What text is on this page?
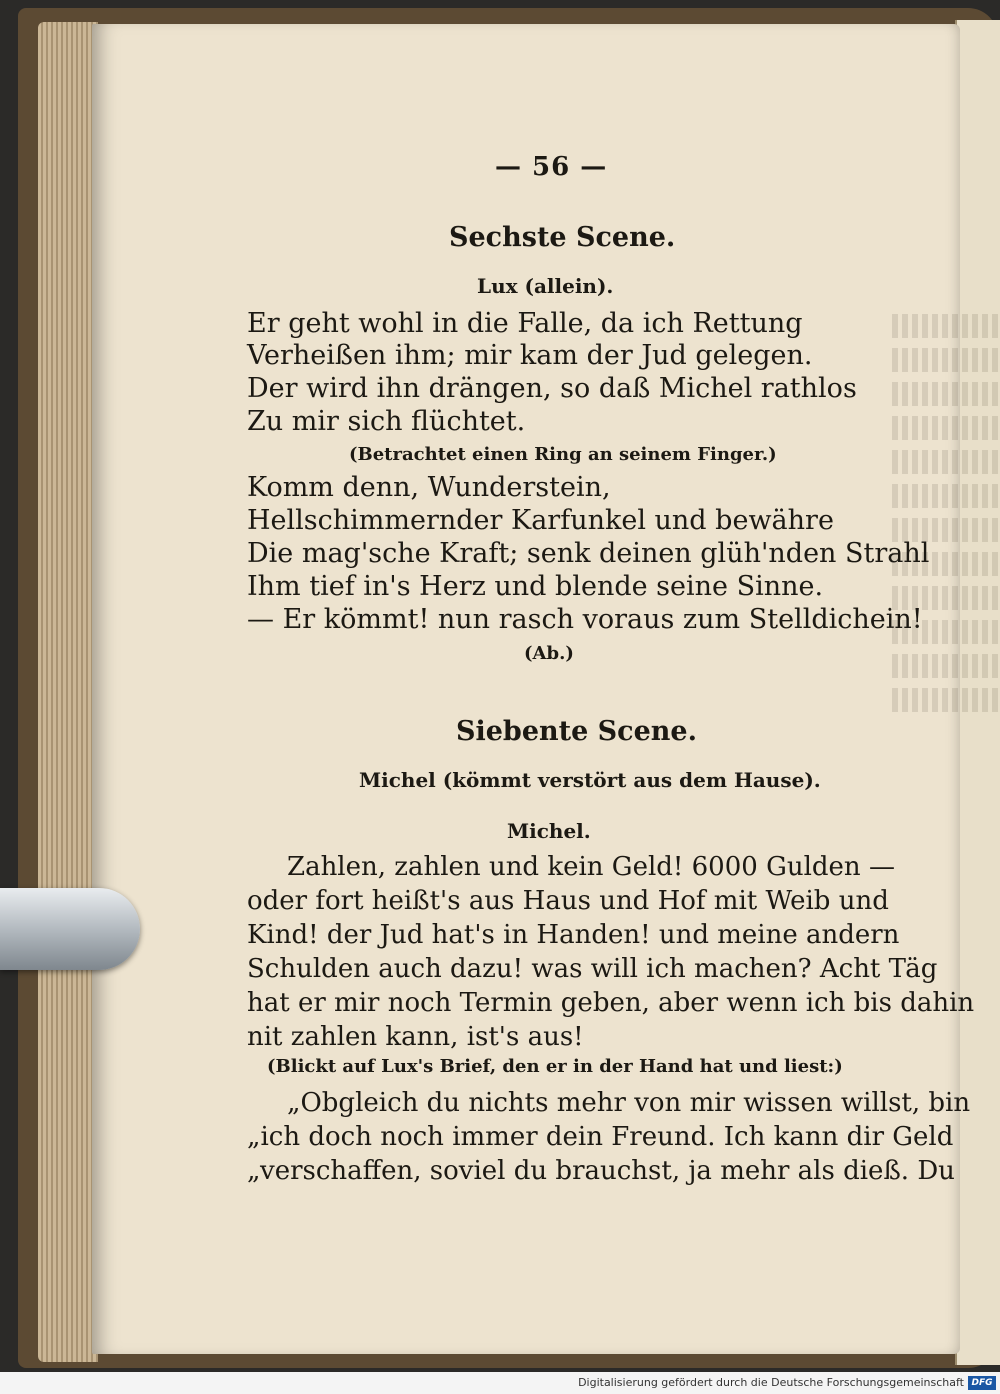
— 56 —
Sechste Scene.
Lux (allein).
Er geht wohl in die Falle, da ich Rettung
Verheißen ihm; mir kam der Jud gelegen.
Der wird ihn drängen, so daß Michel rathlos
Zu mir sich flüchtet.
(Betrachtet einen Ring an seinem Finger.)
Komm denn, Wunderstein,
Hellschimmernder Karfunkel und bewähre
Die mag'sche Kraft; senk deinen glüh'nden Strahl
Ihm tief in's Herz und blende seine Sinne.
— Er kömmt! nun rasch voraus zum Stelldichein!
(Ab.)
Siebente Scene.
Michel (kömmt verstört aus dem Hause).
Michel.
Zahlen, zahlen und kein Geld! 6000 Gulden —
oder fort heißt's aus Haus und Hof mit Weib und
Kind! der Jud hat's in Handen! und meine andern
Schulden auch dazu! was will ich machen? Acht Täg
hat er mir noch Termin geben, aber wenn ich bis dahin
nit zahlen kann, ist's aus!
(Blickt auf Lux's Brief, den er in der Hand hat und liest:)
„Obgleich du nichts mehr von mir wissen willst, bin
„ich doch noch immer dein Freund. Ich kann dir Geld
„verschaffen, soviel du brauchst, ja mehr als dieß. Du
Digitalisierung gefördert durch die Deutsche Forschungsgemeinschaft DFG
